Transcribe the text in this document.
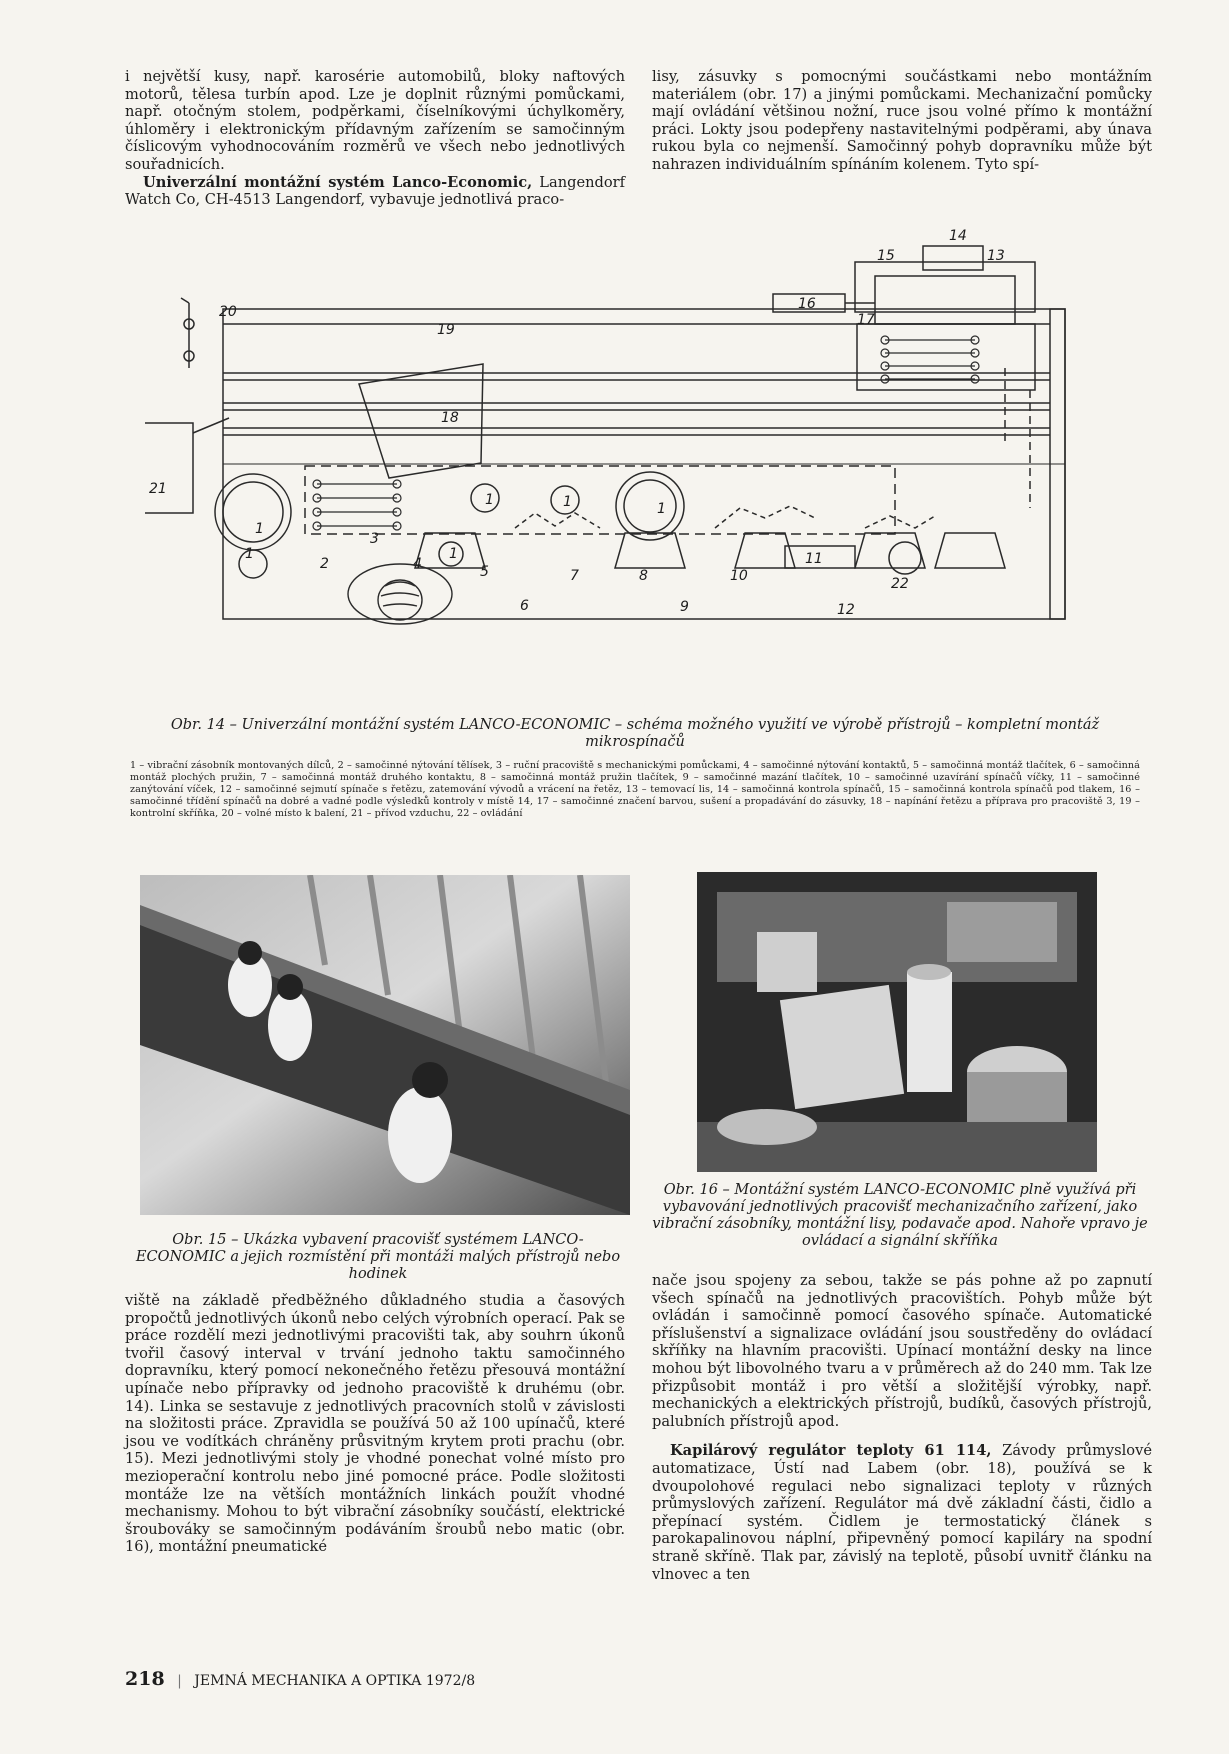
i největší kusy, např. karosérie automobilů, bloky naftových motorů, tělesa turbín apod. Lze je doplnit různými pomůckami, např. otočným stolem, podpěrkami, číselníkovými úchylkoměry, úhloměry i elektronickým přídavným zařízením se samočinným číslicovým vyhodnocováním rozměrů ve všech nebo jednotlivých souřadnicích.

Univerzální montážní systém Lanco-Economic, Langendorf Watch Co, CH-4513 Langendorf, vybavuje jednotlivá praco-

lisy, zásuvky s pomocnými součástkami nebo montážním materiálem (obr. 17) a jinými pomůckami. Mechanizační pomůcky mají ovládání většinou nožní, ruce jsou volné přímo k montážní práci. Lokty jsou podepřeny nastavitelnými podpěrami, aby únava rukou byla co nejmenší. Samočinný pohyb dopravníku může být nahrazen individuálním spínáním kolenem. Tyto spí-

20
19
18
21
16
15
14
13
17
1
1	1
1	1	1
2
3
4	5
6
7	8
9
10
11
12
22
Obr. 14 – Univerzální montážní systém LANCO-ECONOMIC – schéma možného využití ve výrobě přístrojů – kompletní montáž mikrospínačů
1 – vibrační zásobník montovaných dílců, 2 – samočinné nýtování tělísek, 3 – ruční pracoviště s mechanickými pomůckami, 4 – samočinné nýtování kontaktů, 5 – samočinná montáž tlačítek, 6 – samočinná montáž plochých pružin, 7 – samočinná montáž druhého kontaktu, 8 – samočinná montáž pružin tlačítek, 9 – samočinné mazání tlačítek, 10 – samočinné uzavírání spínačů víčky, 11 – samočinné zanýtování víček, 12 – samočinné sejmutí spínače s řetězu, zatemování vývodů a vrácení na řetěz, 13 – temovací lis, 14 – samočinná kontrola spínačů, 15 – samočinná kontrola spínačů pod tlakem, 16 – samočinné třídění spínačů na dobré a vadné podle výsledků kontroly v místě 14, 17 – samočinné značení barvou, sušení a propadávání do zásuvky, 18 – napínání řetězu a příprava pro pracoviště 3, 19 – kontrolní skříňka, 20 – volné místo k balení, 21 – přívod vzduchu, 22 – ovládání
Obr. 15 – Ukázka vybavení pracovišť systémem LANCO-ECONOMIC a jejich rozmístění při montáži malých přístrojů nebo hodinek
Obr. 16 – Montážní systém LANCO-ECONOMIC plně využívá při vybavování jednotlivých pracovišť mechanizačního zařízení, jako vibrační zásobníky, montážní lisy, podavače apod. Nahoře vpravo je ovládací a signální skříňka

viště na základě předběžného důkladného studia a časových propočtů jednotlivých úkonů nebo celých výrobních operací. Pak se práce rozdělí mezi jednotlivými pracovišti tak, aby souhrn úkonů tvořil časový interval v trvání jednoho taktu samočinného dopravníku, který pomocí nekonečného řetězu přesouvá montážní upínače nebo přípravky od jednoho pracoviště k druhému (obr. 14). Linka se sestavuje z jednotlivých pracovních stolů v závislosti na složitosti práce. Zpravidla se používá 50 až 100 upínačů, které jsou ve vodítkách chráněny průsvitným krytem proti prachu (obr. 15). Mezi jednotlivými stoly je vhodné ponechat volné místo pro mezioperační kontrolu nebo jiné pomocné práce. Podle složitosti montáže lze na větších montážních linkách použít vhodné mechanismy. Mohou to být vibrační zásobníky součástí, elektrické šroubováky se samočinným podáváním šroubů nebo matic (obr. 16), montážní pneumatické

nače jsou spojeny za sebou, takže se pás pohne až po zapnutí všech spínačů na jednotlivých pracovištích. Pohyb může být ovládán i samočinně pomocí časového spínače. Automatické příslušenství a signalizace ovládání jsou soustředěny do ovládací skříňky na hlavním pracovišti. Upínací montážní desky na lince mohou být libovolného tvaru a v průměrech až do 240 mm. Tak lze přizpůsobit montáž i pro větší a složitější výrobky, např. mechanických a elektrických přístrojů, budíků, časových přístrojů, palubních přístrojů apod.

Kapilárový regulátor teploty 61 114, Závody průmyslové automatizace, Ústí nad Labem (obr. 18), používá se k dvoupolohové regulaci nebo signalizaci teploty v různých průmyslových zařízení. Regulátor má dvě základní části, čidlo a přepínací systém. Čidlem je termostatický článek s parokapalinovou náplní, připevněný pomocí kapiláry na spodní straně skříně. Tlak par, závislý na teplotě, působí uvnitř článku na vlnovec a ten

218 | JEMNÁ MECHANIKA A OPTIKA 1972/8
